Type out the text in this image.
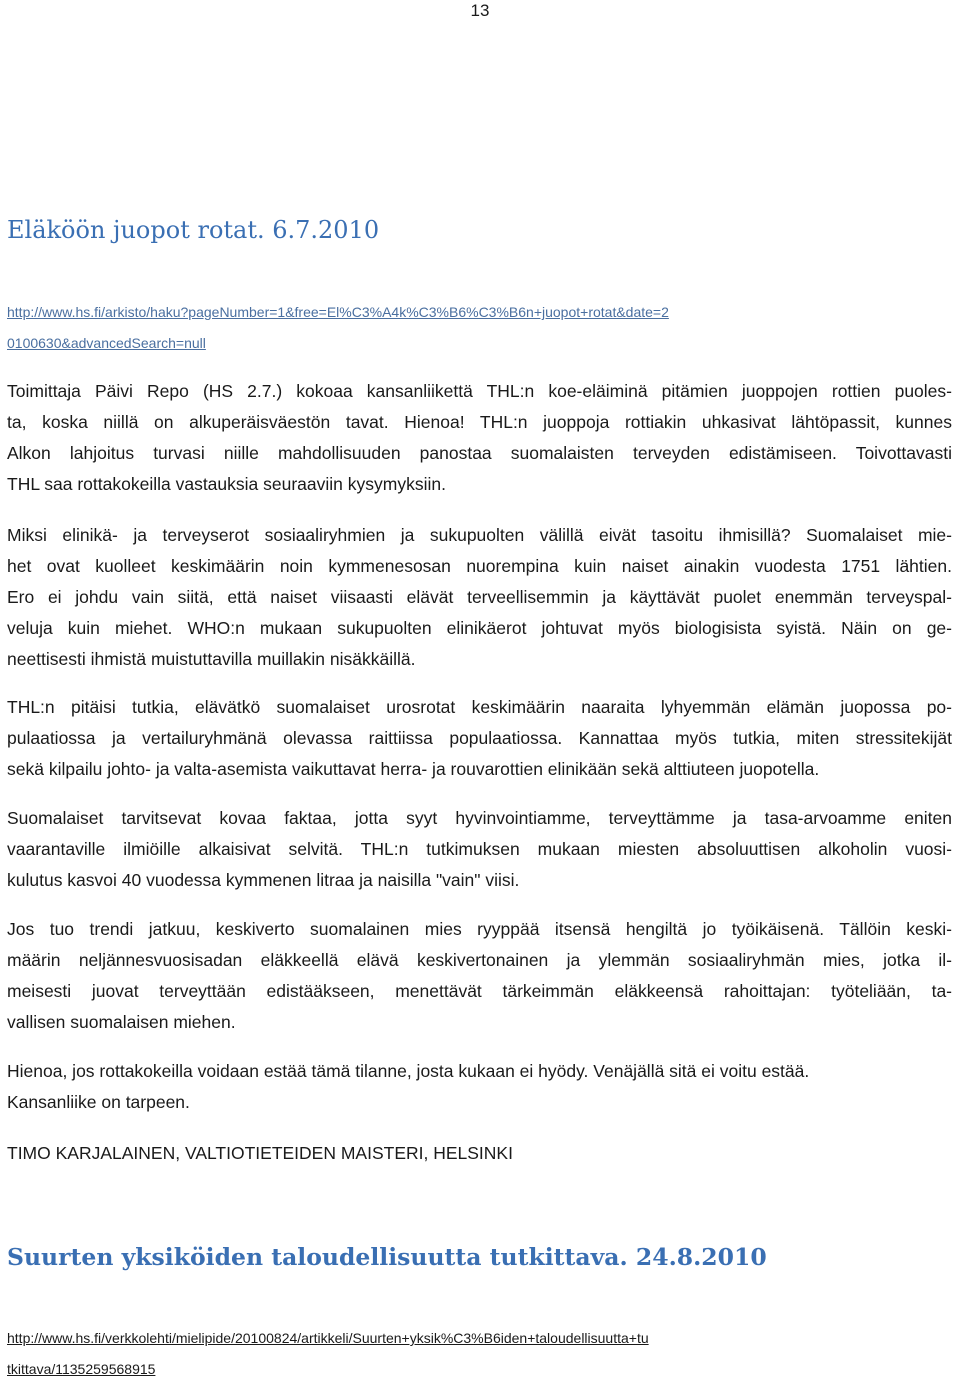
13
Eläköön juopot rotat. 6.7.2010
http://www.hs.fi/arkisto/haku?pageNumber=1&free=El%C3%A4k%C3%B6%C3%B6n+juopot+rotat&date=2
0100630&advancedSearch=null
Toimittaja Päivi Repo (HS 2.7.) kokoaa kansanliikettä THL:n koe-eläiminä pitämien juoppojen rottien puoles-
ta, koska niillä on alkuperäisväestön tavat. Hienoa! THL:n juoppoja rottiakin uhkasivat lähtöpassit, kunnes
Alkon lahjoitus turvasi niille mahdollisuuden panostaa suomalaisten terveyden edistämiseen. Toivottavasti
THL saa rottakokeilla vastauksia seuraaviin kysymyksiin.
Miksi elinikä- ja terveyserot sosiaaliryhmien ja sukupuolten välillä eivät tasoitu ihmisillä? Suomalaiset mie-
het ovat kuolleet keskimäärin noin kymmenesosan nuorempina kuin naiset ainakin vuodesta 1751 lähtien.
Ero ei johdu vain siitä, että naiset viisaasti elävät terveellisemmin ja käyttävät puolet enemmän terveyspal-
veluja kuin miehet. WHO:n mukaan sukupuolten elinikäerot johtuvat myös biologisista syistä. Näin on ge-
neettisesti ihmistä muistuttavilla muillakin nisäkkäillä.
THL:n pitäisi tutkia, elävätkö suomalaiset urosrotat keskimäärin naaraita lyhyemmän elämän juopossa po-
pulaatiossa ja vertailuryhmänä olevassa raittiissa populaatiossa. Kannattaa myös tutkia, miten stressitekijät
sekä kilpailu johto- ja valta-asemista vaikuttavat herra- ja rouvarottien elinikään sekä alttiuteen juopotella.
Suomalaiset tarvitsevat kovaa faktaa, jotta syyt hyvinvointiamme, terveyttämme ja tasa-arvoamme eniten
vaarantaville ilmiöille alkaisivat selvitä. THL:n tutkimuksen mukaan miesten absoluuttisen alkoholin vuosi-
kulutus kasvoi 40 vuodessa kymmenen litraa ja naisilla "vain" viisi.
Jos tuo trendi jatkuu, keskiverto suomalainen mies ryyppää itsensä hengiltä jo työikäisenä. Tällöin keski-
määrin neljännesvuosisadan eläkkeellä elävä keskivertonainen ja ylemmän sosiaaliryhmän mies, jotka il-
meisesti juovat terveyttään edistääkseen, menettävät tärkeimmän eläkkeensä rahoittajan: työteliään, ta-
vallisen suomalaisen miehen.
Hienoa, jos rottakokeilla voidaan estää tämä tilanne, josta kukaan ei hyödy. Venäjällä sitä ei voitu estää.
Kansanliike on tarpeen.
TIMO KARJALAINEN, VALTIOTIETEIDEN MAISTERI, HELSINKI
Suurten yksiköiden taloudellisuutta tutkittava. 24.8.2010
http://www.hs.fi/verkkolehti/mielipide/20100824/artikkeli/Suurten+yksik%C3%B6iden+taloudellisuutta+tu
tkittava/1135259568915
